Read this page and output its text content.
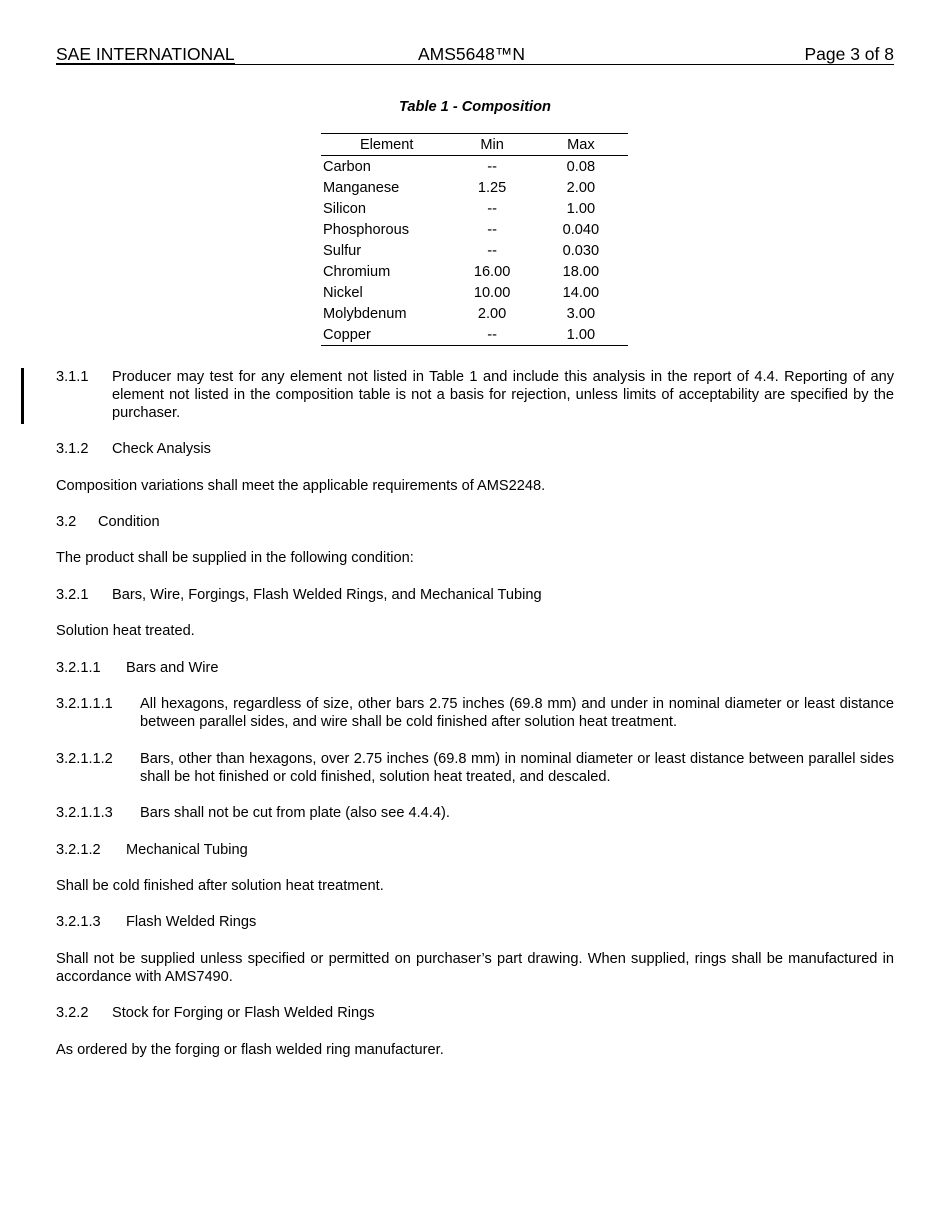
SAE INTERNATIONAL	AMS5648™N	Page 3 of 8
Table 1 - Composition
Element	Min	Max
Carbon	--	0.08
Manganese	1.25	2.00
Silicon	--	1.00
Phosphorous	--	0.040
Sulfur	--	0.030
Chromium	16.00	18.00
Nickel	10.00	14.00
Molybdenum	2.00	3.00
Copper	--	1.00
3.1.1	Producer may test for any element not listed in Table 1 and include this analysis in the report of 4.4. Reporting of any element not listed in the composition table is not a basis for rejection, unless limits of acceptability are specified by the purchaser.
3.1.2	Check Analysis
Composition variations shall meet the applicable requirements of AMS2248.
3.2	Condition
The product shall be supplied in the following condition:
3.2.1	Bars, Wire, Forgings, Flash Welded Rings, and Mechanical Tubing
Solution heat treated.
3.2.1.1	Bars and Wire
3.2.1.1.1	All hexagons, regardless of size, other bars 2.75 inches (69.8 mm) and under in nominal diameter or least distance between parallel sides, and wire shall be cold finished after solution heat treatment.
3.2.1.1.2	Bars, other than hexagons, over 2.75 inches (69.8 mm) in nominal diameter or least distance between parallel sides shall be hot finished or cold finished, solution heat treated, and descaled.
3.2.1.1.3	Bars shall not be cut from plate (also see 4.4.4).
3.2.1.2	Mechanical Tubing
Shall be cold finished after solution heat treatment.
3.2.1.3	Flash Welded Rings
Shall not be supplied unless specified or permitted on purchaser’s part drawing. When supplied, rings shall be manufactured in accordance with AMS7490.
3.2.2	Stock for Forging or Flash Welded Rings
As ordered by the forging or flash welded ring manufacturer.
